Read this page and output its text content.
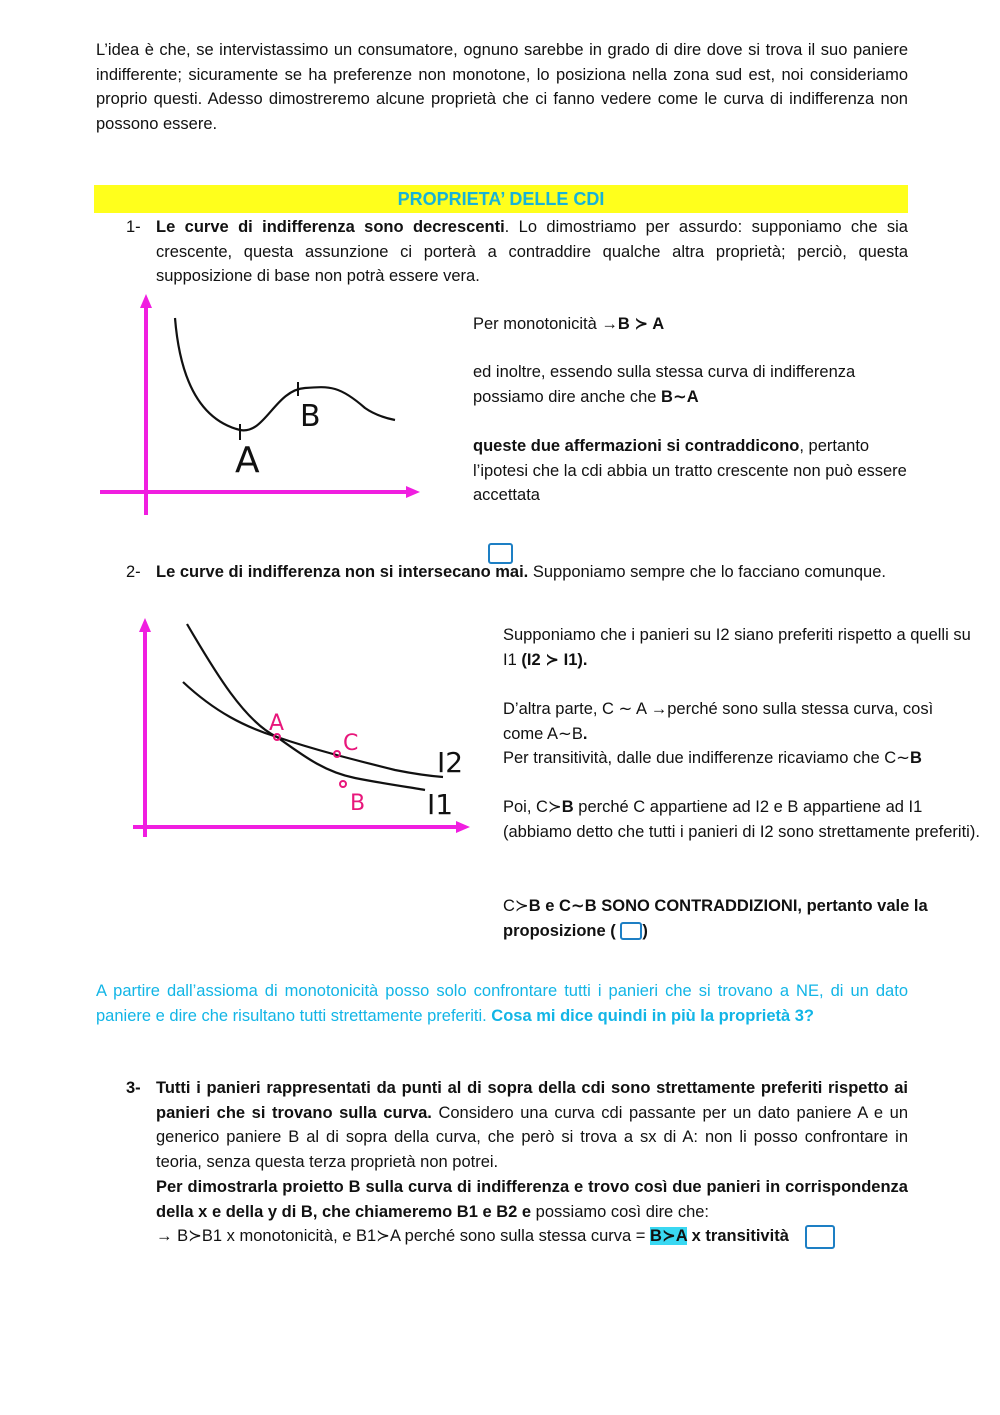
L’idea è che, se intervistassimo un consumatore, ognuno sarebbe in grado di dire dove si trova il suo paniere indifferente; sicuramente se ha preferenze non monotone, lo posiziona nella zona sud est, noi consideriamo proprio questi. Adesso dimostreremo alcune proprietà che ci fanno vedere come le curva di indifferenza non possono essere.
PROPRIETA’ DELLE CDI
1- Le curve di indifferenza sono decrescenti. Lo dimostriamo per assurdo: supponiamo che sia crescente, questa assunzione ci porterà a contraddire qualche altra proprietà; perciò, questa supposizione di base non potrà essere vera.
A
B
Per monotonicità →B ≻ A
ed inoltre, essendo sulla stessa curva di indifferenza possiamo dire anche che B∼A
queste due affermazioni si contraddicono, pertanto l’ipotesi che la cdi abbia un tratto crescente non può essere accettata
2- Le curve di indifferenza non si intersecano mai. Supponiamo sempre che lo facciano comunque.
A
C
B
I2
I1
Supponiamo che i panieri su I2 siano preferiti rispetto a quelli su I1 (I2 ≻ I1).
D’altra parte, C ∼ A →perché sono sulla stessa curva, così come A∼B.
Per transitività, dalle due indifferenze ricaviamo che C∼B
Poi, C≻B perché C appartiene ad I2 e B appartiene ad I1 (abbiamo detto che tutti i panieri di I2 sono strettamente preferiti).
C≻B e C∼B SONO CONTRADDIZIONI, pertanto vale la proposizione ( )
A partire dall’assioma di monotonicità posso solo confrontare tutti i panieri che si trovano a NE, di un dato paniere e dire che risultano tutti strettamente preferiti. Cosa mi dice quindi in più la proprietà 3?
3- Tutti i panieri rappresentati da punti al di sopra della cdi sono strettamente preferiti rispetto ai panieri che si trovano sulla curva. Considero una curva cdi passante per un dato paniere A e un generico paniere B al di sopra della curva, che però si trova a sx di A: non li posso confrontare in teoria, senza questa terza proprietà non potrei.
Per dimostrarla proietto B sulla curva di indifferenza e trovo così due panieri in corrispondenza della x e della y di B, che chiameremo B1 e B2 e possiamo così dire che:
→ B≻B1 x monotonicità, e B1≻A perché sono sulla stessa curva = B≻A x transitività
